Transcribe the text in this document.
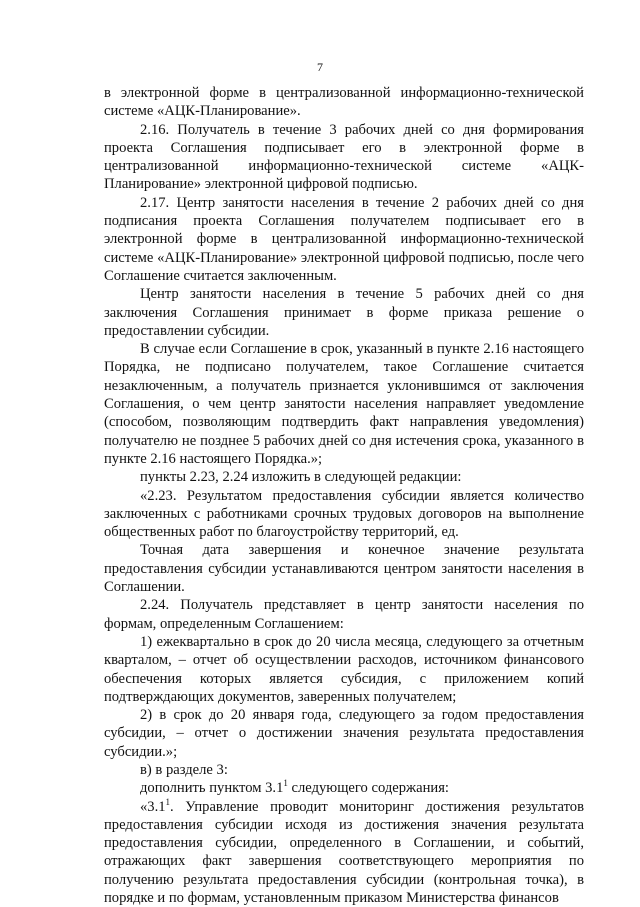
7

в электронной форме в централизованной информационно-технической системе «АЦК-Планирование».

2.16. Получатель в течение 3 рабочих дней со дня формирования проекта Соглашения подписывает его в электронной форме в централизованной информационно-технической системе «АЦК-Планирование» электронной цифровой подписью.

2.17. Центр занятости населения в течение 2 рабочих дней со дня подписания проекта Соглашения получателем подписывает его в электронной форме в централизованной информационно-технической системе «АЦК-Планирование» электронной цифровой подписью, после чего Соглашение считается заключенным.

Центр занятости населения в течение 5 рабочих дней со дня заключения Соглашения принимает в форме приказа решение о предоставлении субсидии.

В случае если Соглашение в срок, указанный в пункте 2.16 настоящего Порядка, не подписано получателем, такое Соглашение считается незаключенным, а получатель признается уклонившимся от заключения Соглашения, о чем центр занятости населения направляет уведомление (способом, позволяющим подтвердить факт направления уведомления) получателю не позднее 5 рабочих дней со дня истечения срока, указанного в пункте 2.16 настоящего Порядка.»;

пункты 2.23, 2.24 изложить в следующей редакции:

«2.23. Результатом предоставления субсидии является количество заключенных с работниками срочных трудовых договоров на выполнение общественных работ по благоустройству территорий, ед.

Точная дата завершения и конечное значение результата предоставления субсидии устанавливаются центром занятости населения в Соглашении.

2.24. Получатель представляет в центр занятости населения по формам, определенным Соглашением:

1) ежеквартально в срок до 20 числа месяца, следующего за отчетным кварталом, – отчет об осуществлении расходов, источником финансового обеспечения которых является субсидия, с приложением копий подтверждающих документов, заверенных получателем;

2) в срок до 20 января года, следующего за годом предоставления субсидии, – отчет о достижении значения результата предоставления субсидии.»;

в) в разделе 3:

дополнить пунктом $3.1^1$ следующего содержания:

«$3.1^1$. Управление проводит мониторинг достижения результатов предоставления субсидии исходя из достижения значения результата предоставления субсидии, определенного в Соглашении, и событий, отражающих факт завершения соответствующего мероприятия по получению результата предоставления субсидии (контрольная точка), в порядке и по формам, установленным приказом Министерства финансов
